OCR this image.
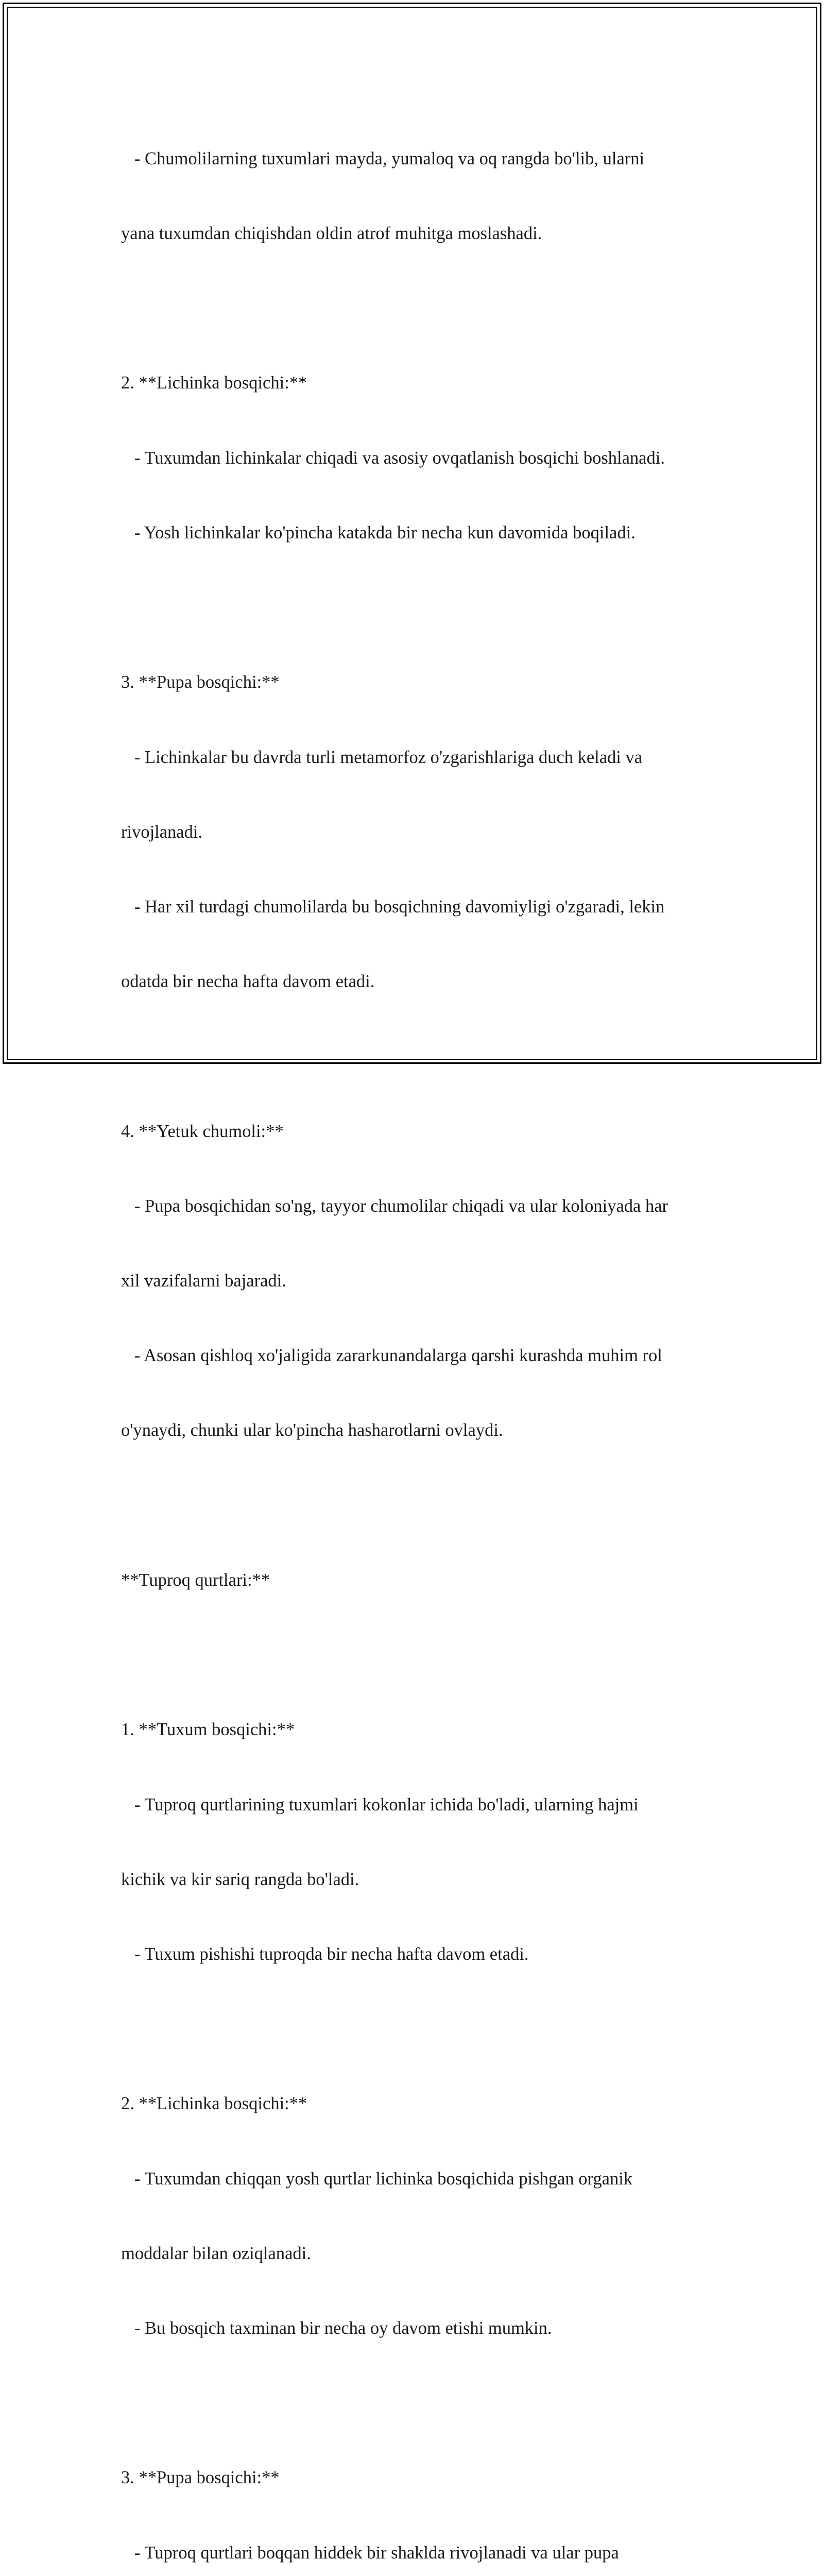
- Chumolilarning tuxumlari mayda, yumaloq va oq rangda bo'lib, ularni

yana tuxumdan chiqishdan oldin atrof muhitga moslashadi.

2. **Lichinka bosqichi:**

- Tuxumdan lichinkalar chiqadi va asosiy ovqatlanish bosqichi boshlanadi.

- Yosh lichinkalar ko'pincha katakda bir necha kun davomida boqiladi.

3. **Pupa bosqichi:**

- Lichinkalar bu davrda turli metamorfoz o'zgarishlariga duch keladi va

rivojlanadi.

- Har xil turdagi chumolilarda bu bosqichning davomiyligi o'zgaradi, lekin

odatda bir necha hafta davom etadi.

4. **Yetuk chumoli:**

- Pupa bosqichidan so'ng, tayyor chumolilar chiqadi va ular koloniyada har

xil vazifalarni bajaradi.

- Asosan qishloq xo'jaligida zararkunandalarga qarshi kurashda muhim rol

o'ynaydi, chunki ular ko'pincha hasharotlarni ovlaydi.

**Tuproq qurtlari:**

1. **Tuxum bosqichi:**

- Tuproq qurtlarining tuxumlari kokonlar ichida bo'ladi, ularning hajmi

kichik va kir sariq rangda bo'ladi.

- Tuxum pishishi tuproqda bir necha hafta davom etadi.

2. **Lichinka bosqichi:**

- Tuxumdan chiqqan yosh qurtlar lichinka bosqichida pishgan organik

moddalar bilan oziqlanadi.

- Bu bosqich taxminan bir necha oy davom etishi mumkin.

3. **Pupa bosqichi:**

- Tuproq qurtlari boqqan hiddek bir shaklda rivojlanadi va ular pupa
